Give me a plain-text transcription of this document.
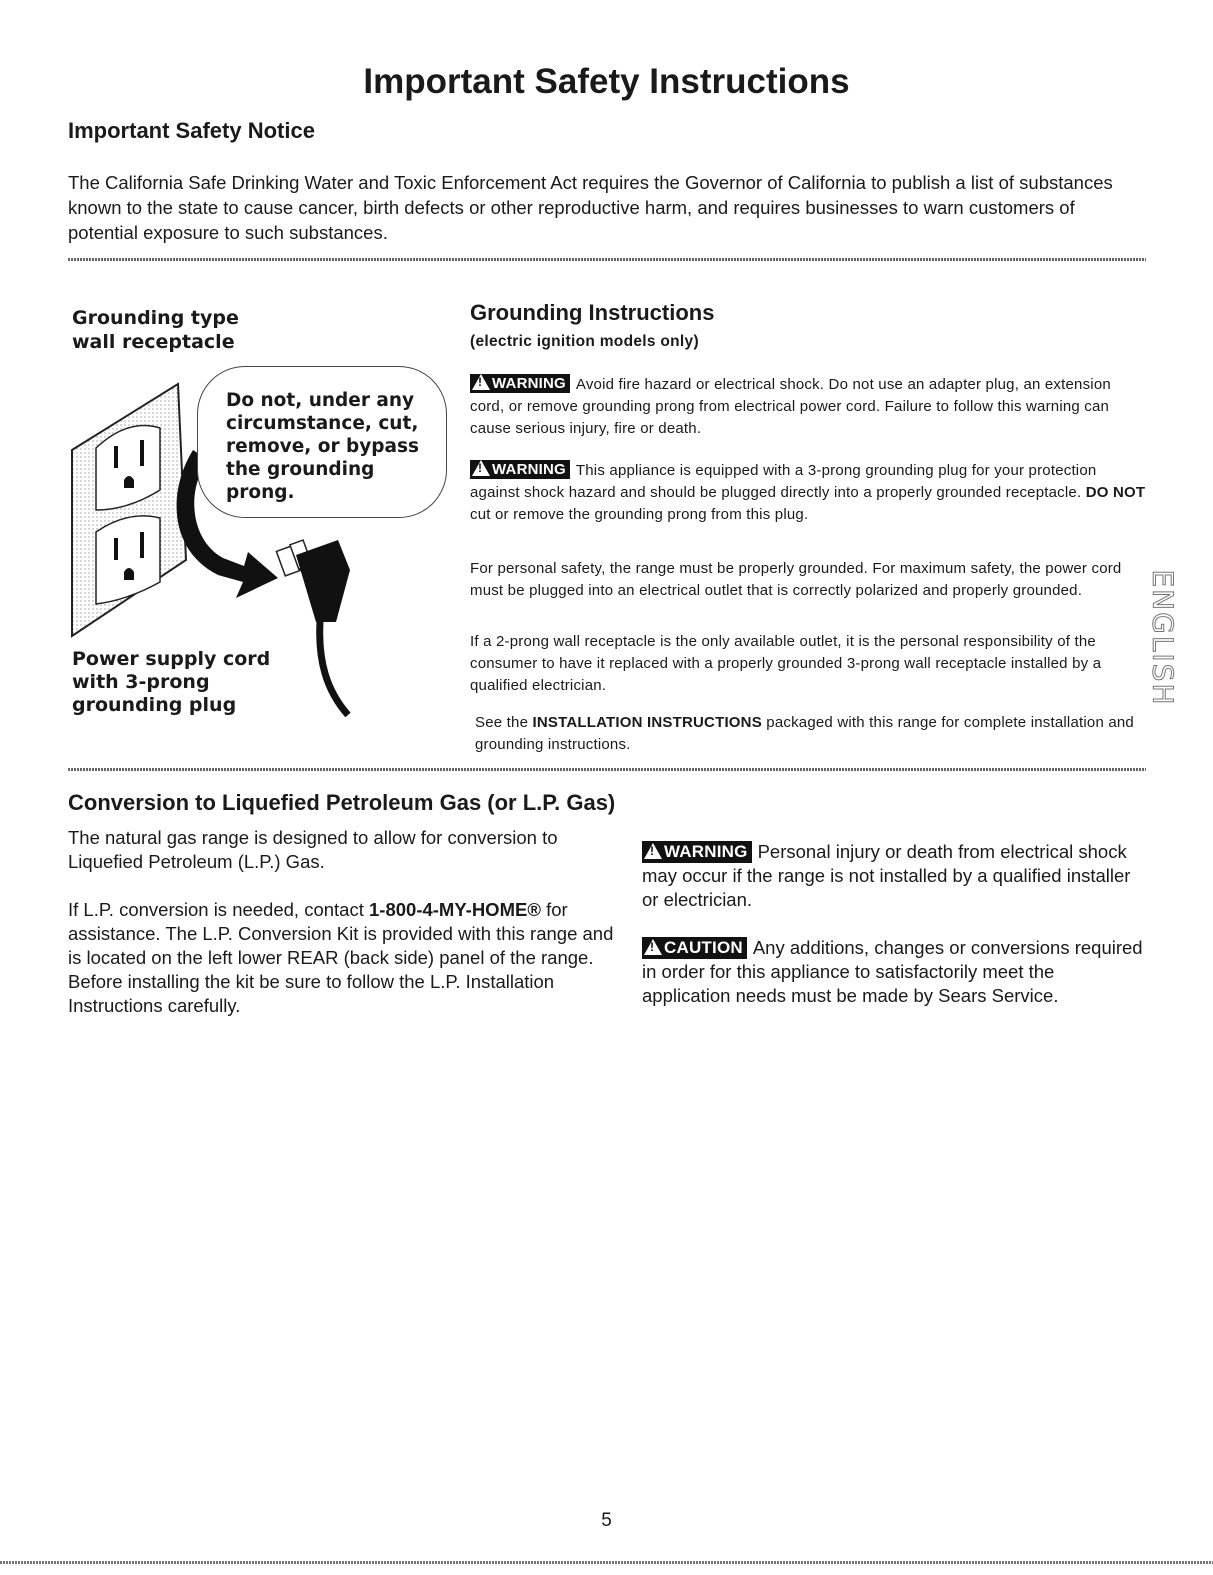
Important Safety Instructions
Important Safety Notice
The California Safe Drinking Water and Toxic Enforcement Act requires the Governor of California to publish a list of substances known to the state to cause cancer, birth defects or other reproductive harm, and requires businesses to warn customers of potential exposure to such substances.
Grounding type
wall receptacle
Do not, under any
circumstance, cut,
remove, or bypass
the grounding prong.
Power supply cord
with 3-prong
grounding plug
Grounding Instructions
(electric ignition models only)
! WARNING Avoid fire hazard or electrical shock. Do not use an adapter plug, an extension cord, or remove grounding prong from electrical power cord. Failure to follow this warning can cause serious injury, fire or death.
! WARNING This appliance is equipped with a 3-prong grounding plug for your protection against shock hazard and should be plugged directly into a properly grounded receptacle. DO NOT cut or remove the grounding prong from this plug.
For personal safety, the range must be properly grounded. For maximum safety, the power cord must be plugged into an electrical outlet that is correctly polarized and properly grounded.
If a 2-prong wall receptacle is the only available outlet, it is the personal responsibility of the consumer to have it replaced with a properly grounded 3-prong wall receptacle installed by a qualified electrician.
See the INSTALLATION INSTRUCTIONS packaged with this range for complete installation and grounding instructions.
ENGLISH
Conversion to Liquefied Petroleum Gas (or L.P. Gas)
The natural gas range is designed to allow for conversion to Liquefied Petroleum (L.P.) Gas.
If L.P. conversion is needed, contact 1-800-4-MY-HOME® for assistance. The L.P. Conversion Kit is provided with this range and is located on the left lower REAR (back side) panel of the range. Before installing the kit be sure to follow the L.P. Installation Instructions carefully.
! WARNING Personal injury or death from electrical shock may occur if the range is not installed by a qualified installer or electrician.
! CAUTION Any additions, changes or conversions required in order for this appliance to satisfactorily meet the application needs must be made by Sears Service.
5
